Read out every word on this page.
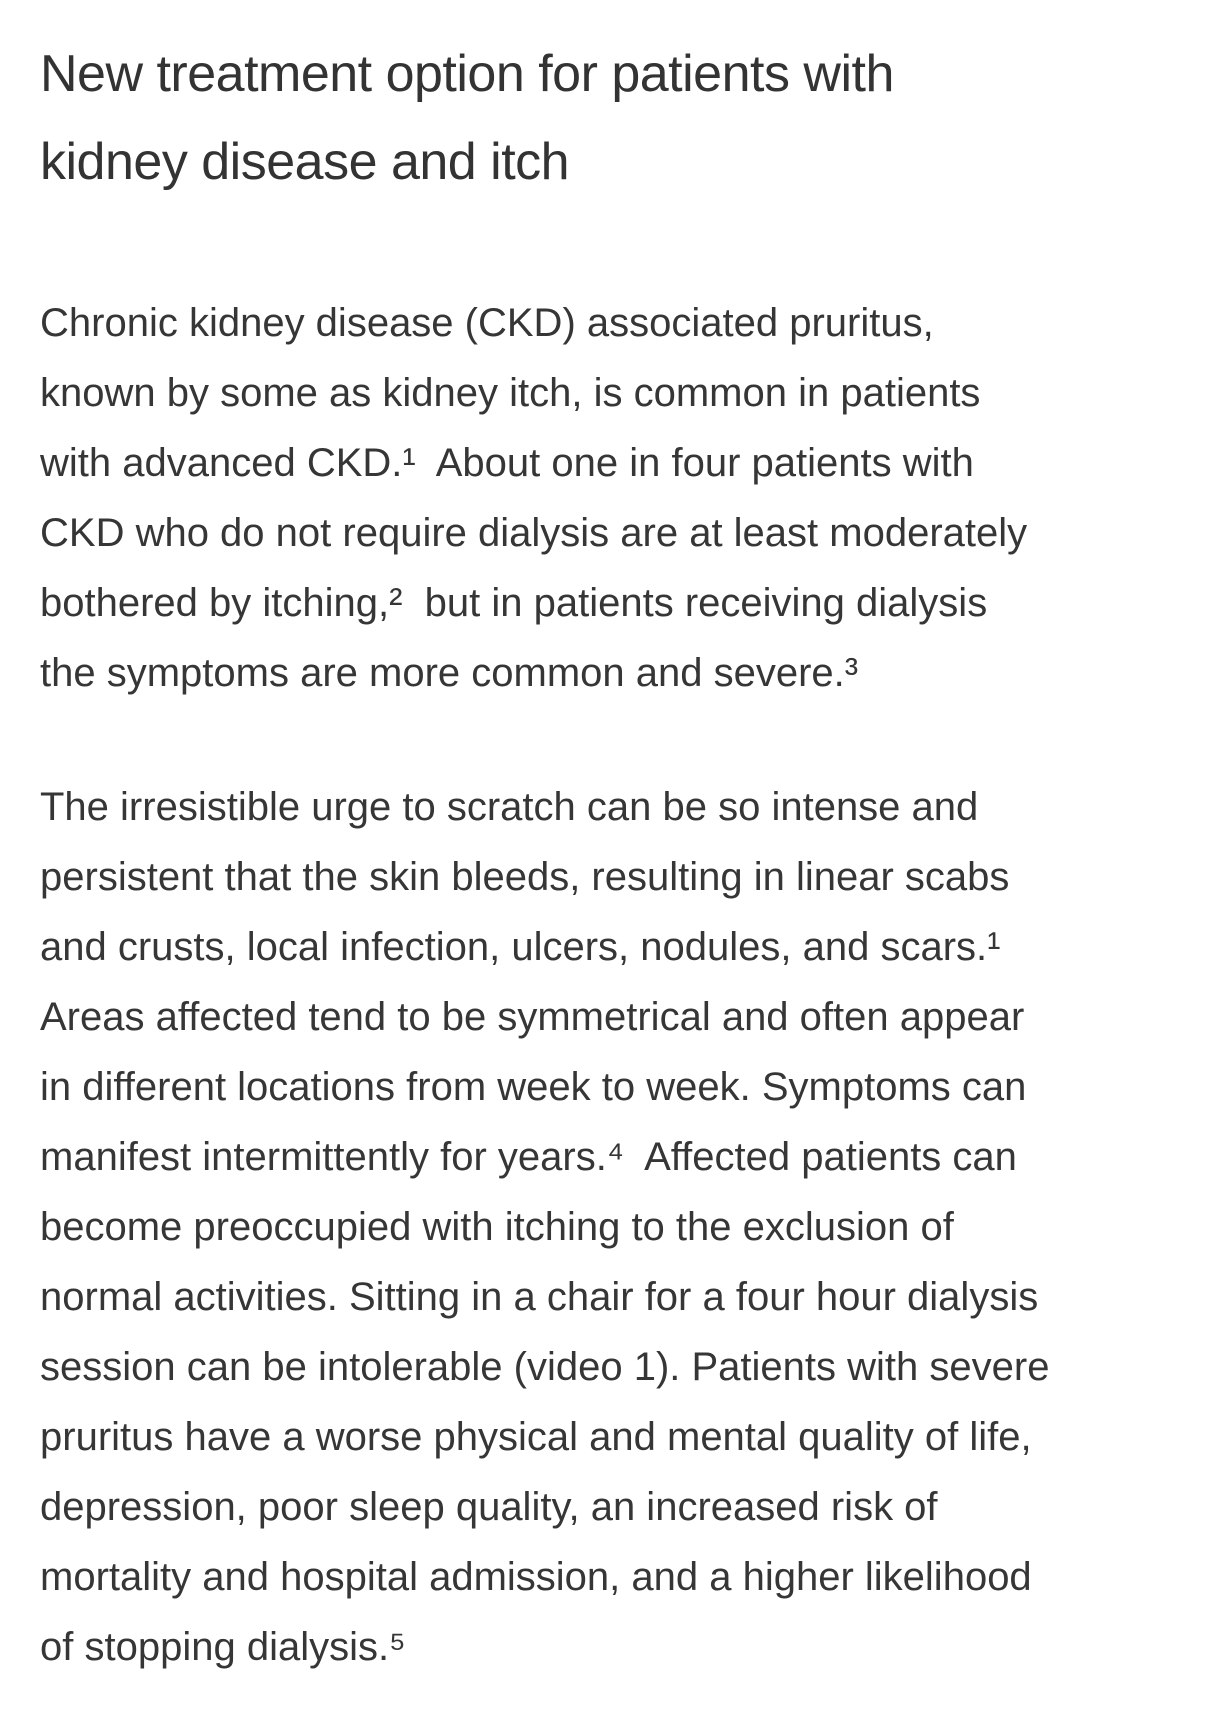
New treatment option for patients with kidney disease and itch

Chronic kidney disease (CKD) associated pruritus, known by some as kidney itch, is common in patients with advanced CKD.¹  About one in four patients with CKD who do not require dialysis are at least moderately bothered by itching,²  but in patients receiving dialysis the symptoms are more common and severe.³

The irresistible urge to scratch can be so intense and persistent that the skin bleeds, resulting in linear scabs and crusts, local infection, ulcers, nodules, and scars.¹ Areas affected tend to be symmetrical and often appear in different locations from week to week. Symptoms can manifest intermittently for years.⁴  Affected patients can become preoccupied with itching to the exclusion of normal activities. Sitting in a chair for a four hour dialysis session can be intolerable (video 1). Patients with severe pruritus have a worse physical and mental quality of life, depression, poor sleep quality, an increased risk of mortality and hospital admission, and a higher likelihood of stopping dialysis.⁵
